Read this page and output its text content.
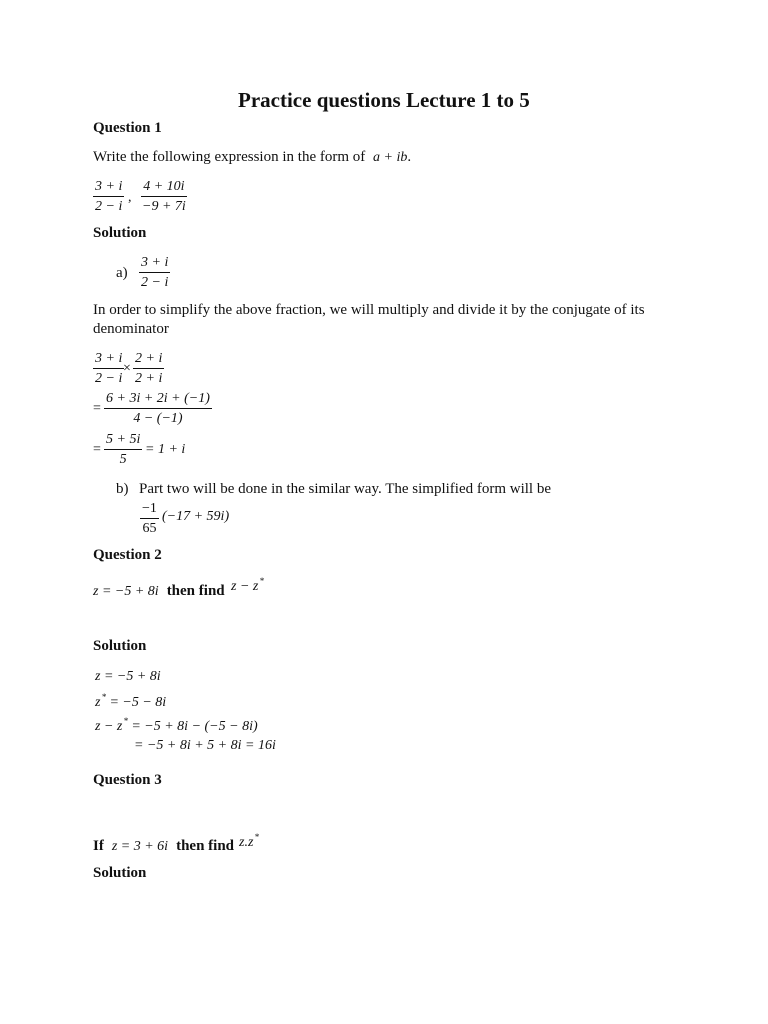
Practice questions Lecture 1 to 5
Question 1
Write the following expression in the form of a + ib.
$\frac{3 + i}{2 - i}$ , $\frac{4 + 10i}{-9 + 7i}$
Solution
$a) \frac{3 + i}{2 - i}$
In order to simplify the above fraction, we will multiply and divide it by the conjugate of its
denominator
$\frac{3 + i}{2 - i}$
× $\frac{2 + i}{2 + i}$
= $\frac{6 + 3i + 2i + (-1)}{4 - (-1)}$
= $\frac{5 + 5i}{5} = 1 + i$
b) Part two will be done in the similar way. The simplified form will be
$\frac{-1}{65} (-17 + 59i)$
Question 2
z = −5 + 8i then find z − z*
Solution
z = −5 + 8i
z* = −5 − 8i
z − z* = −5 + 8i − (−5 − 8i)
= −5 + 8i + 5 + 8i = 16i
Question 3
If z = 3 + 6i then find z.z*
Solution
